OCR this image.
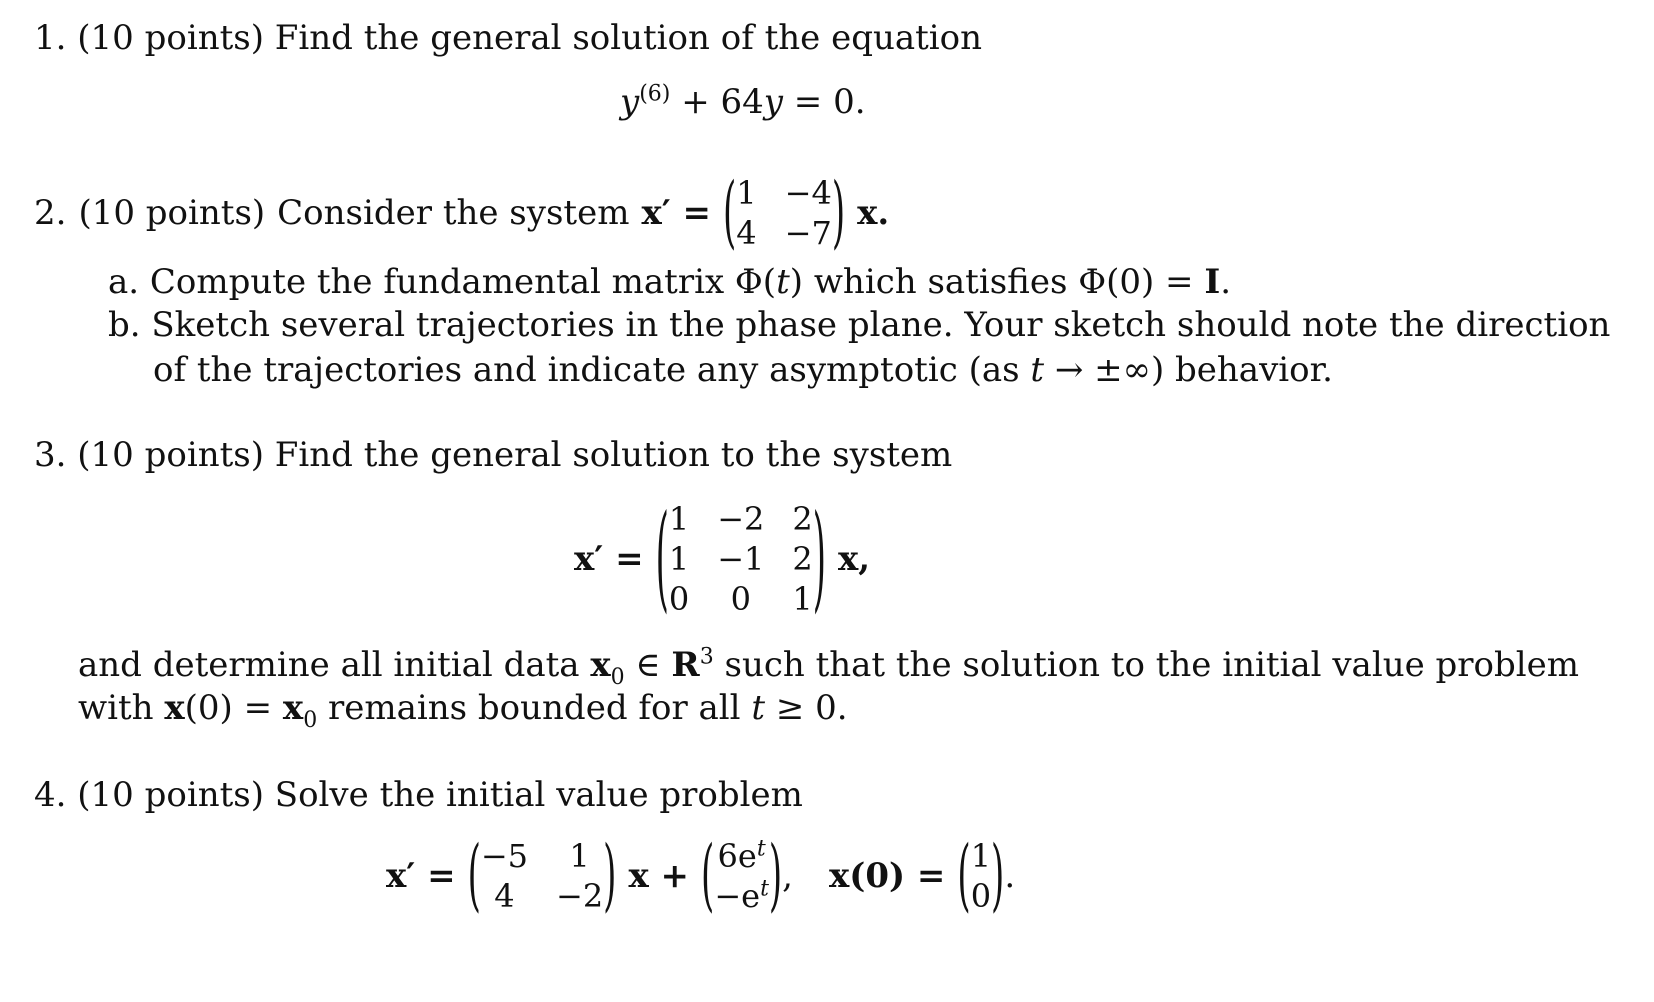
1. (10 points) Find the general solution of the equation
$y^{(6)} + 64y = 0$.
2. (10 points) Consider the system x′ = ( 1 −4
4 −7 ) x.
a. Compute the fundamental matrix Φ(t) which satisfies Φ(0) = I.
b. Sketch several trajectories in the phase plane. Your sketch should note the direction
of the trajectories and indicate any asymptotic (as t → ±∞) behavior.
3. (10 points) Find the general solution to the system
x′ = ( 1 −2 2
1 −1 2
0 0 1 ) x,
and determine all initial data $x_0$ ∈ $R^3$ such that the solution to the initial value problem
with $x(0) = x_0$ remains bounded for all t ≥ 0.
4. (10 points) Solve the initial value problem
x′ = ( −5 1
4 −2 ) x + ( $6e^t$
$-e^t$ ) , x(0) = ( 1
0 ) .
